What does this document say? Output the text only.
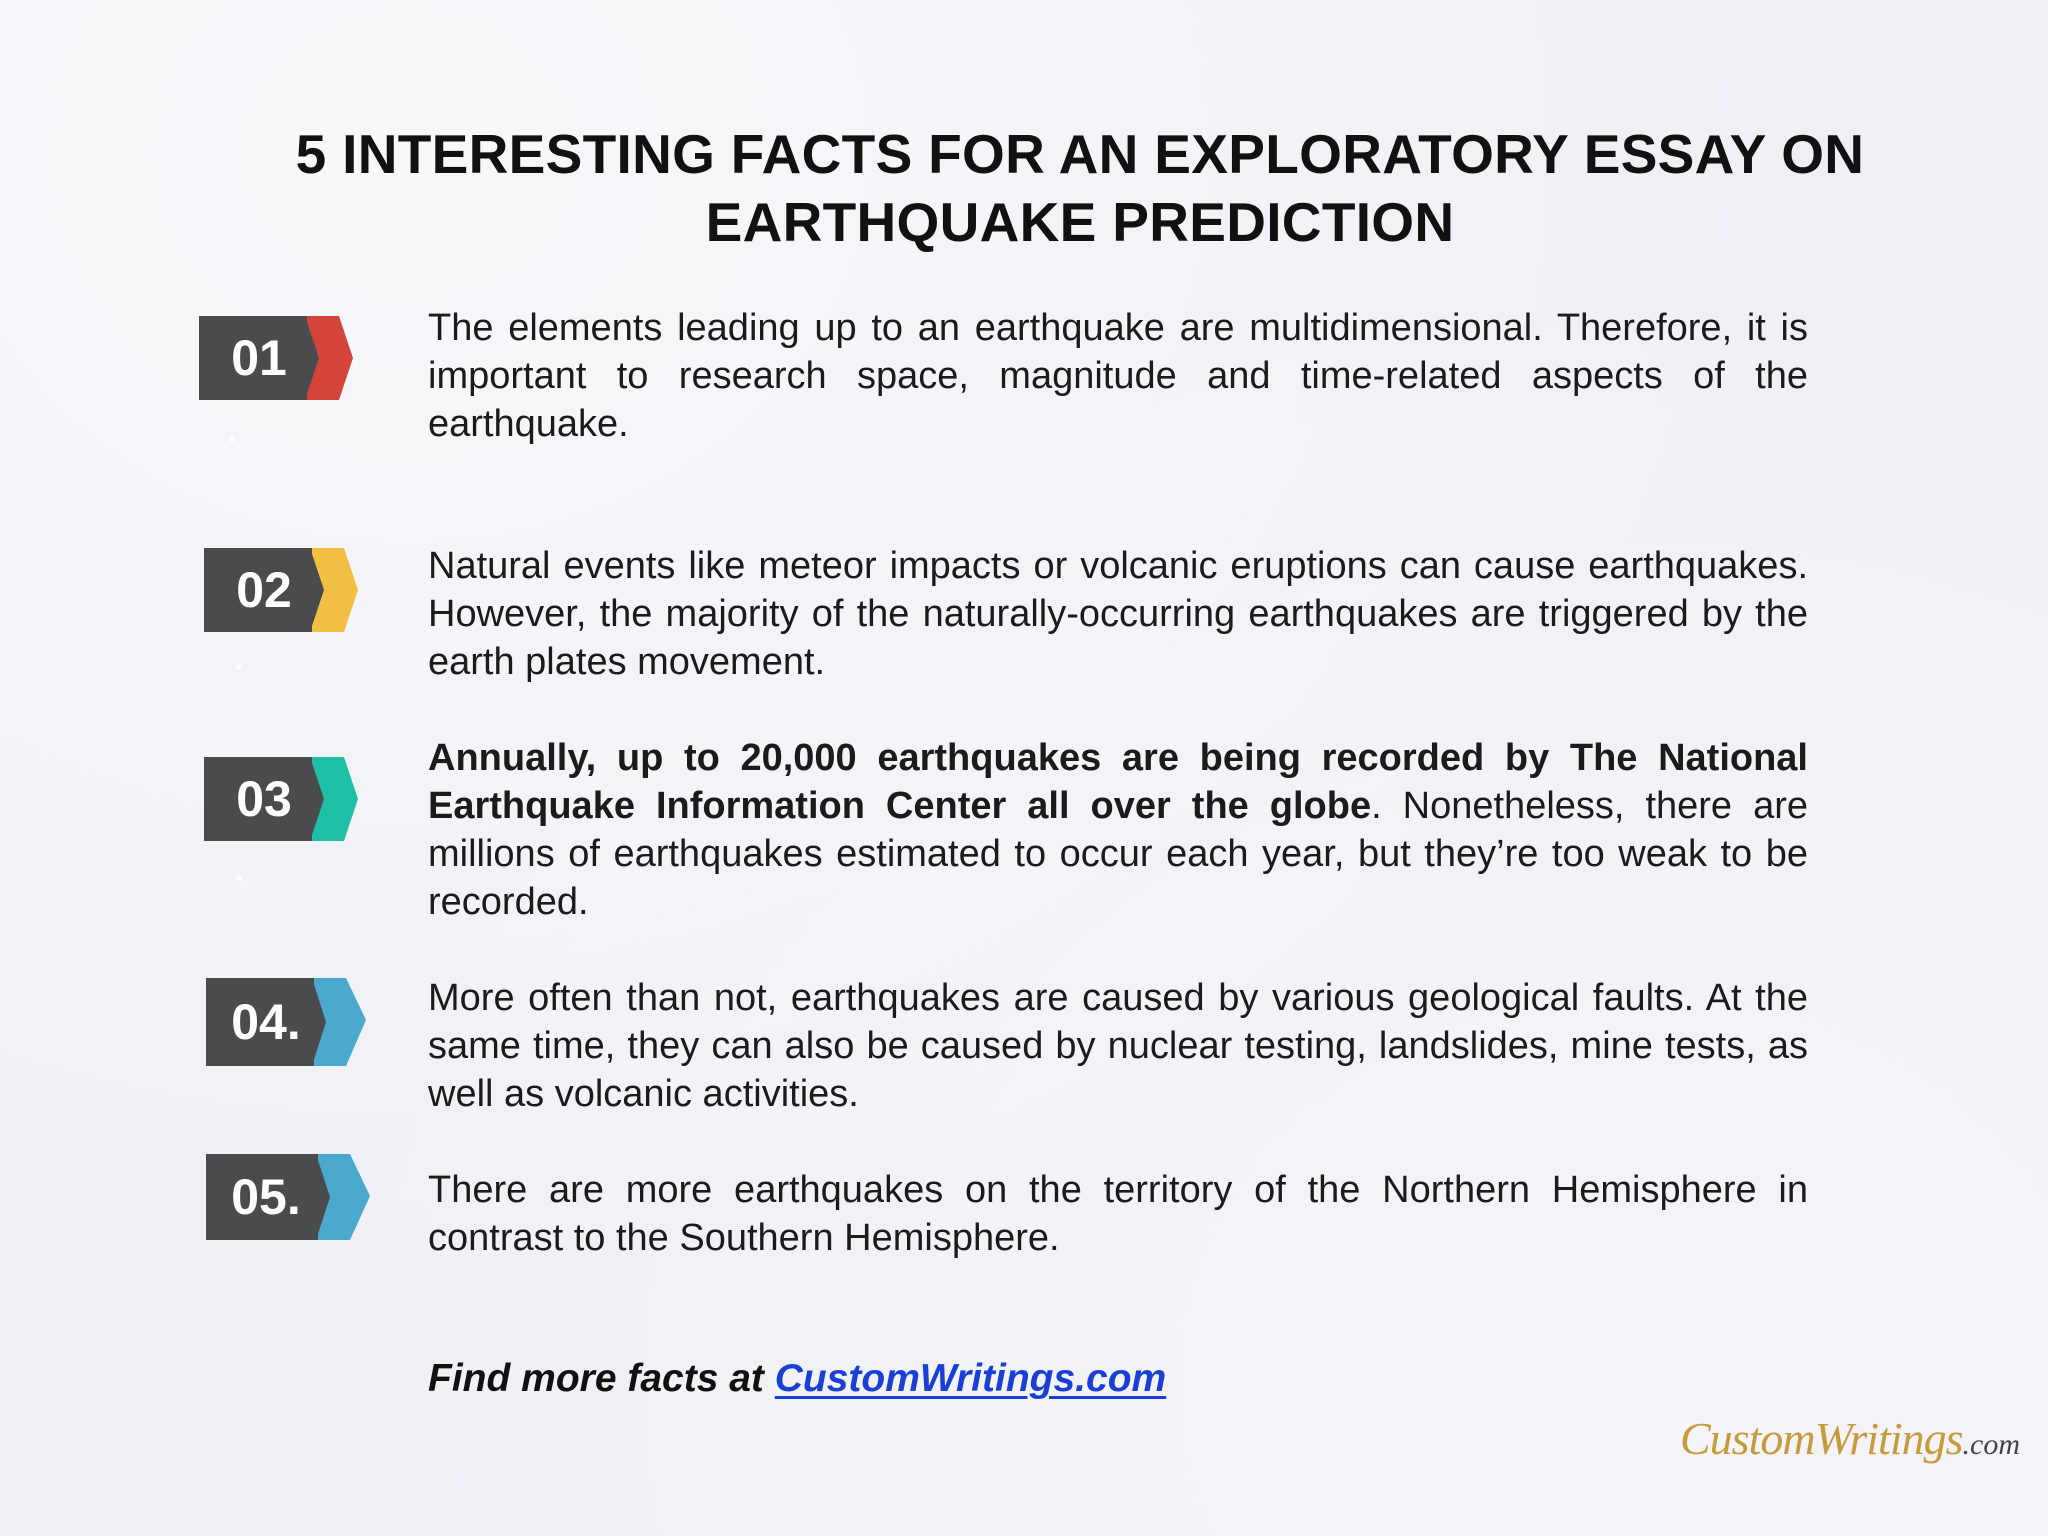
5 INTERESTING FACTS FOR AN EXPLORATORY ESSAY ON
EARTHQUAKE PREDICTION
01

The elements leading up to an earthquake are multidimensional. Therefore, it is important to research space, magnitude and time-related aspects of the earthquake.

02	Natural events like meteor impacts or volcanic eruptions can cause earthquakes. However, the majority of the naturally-occurring earthquakes are triggered by the earth plates movement.

03

Annually, up to 20,000 earthquakes are being recorded by The National Earthquake Information Center all over the globe. Nonetheless, there are millions of earthquakes estimated to occur each year, but they’re too weak to be recorded.

04.	More often than not, earthquakes are caused by various geological faults. At the same time, they can also be caused by nuclear testing, landslides, mine tests, as well as volcanic activities.

05.	There are more earthquakes on the territory of the Northern Hemisphere in contrast to the Southern Hemisphere.

Find more facts at CustomWritings.com

CustomWritings.com
